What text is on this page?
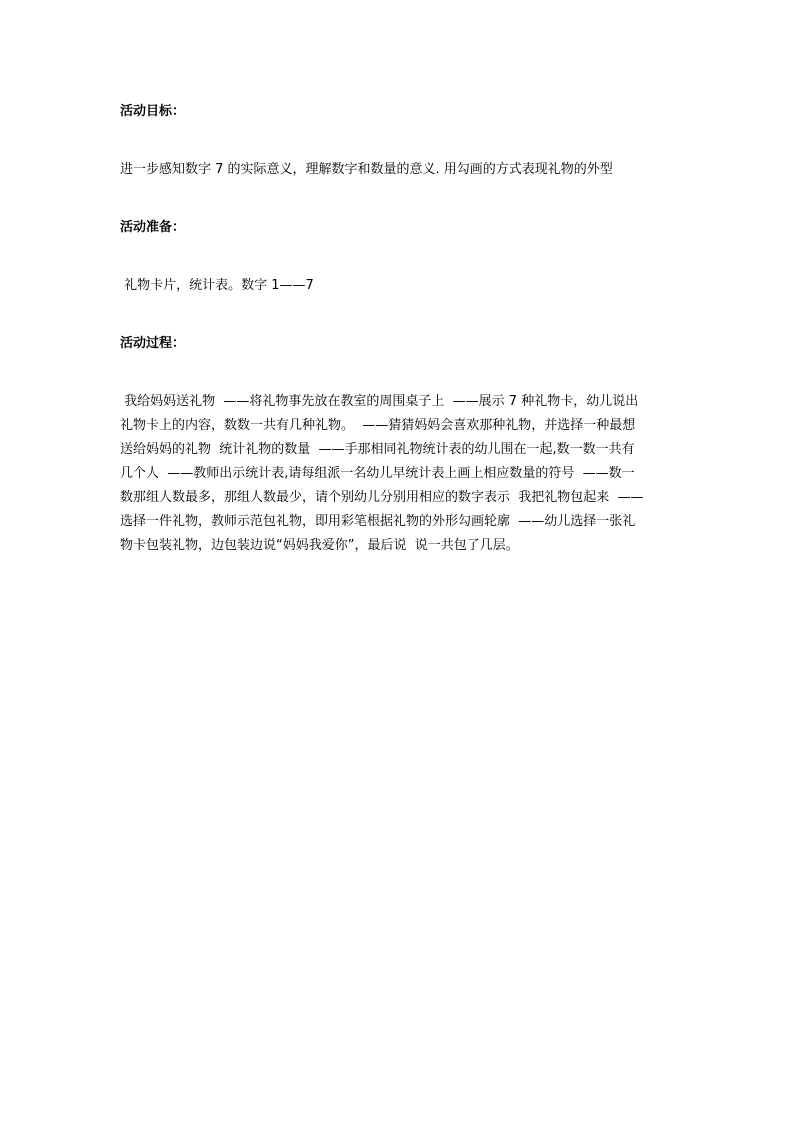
活动目标：
进一步感知数字 7 的实际意义，理解数字和数量的意义. 用勾画的方式表现礼物的外型
活动准备：
礼物卡片，统计表。数字 1——7
活动过程：
我给妈妈送礼物  ——将礼物事先放在教室的周围桌子上  ——展示 7 种礼物卡，幼儿说出
礼物卡上的内容，数数一共有几种礼物。  ——猜猜妈妈会喜欢那种礼物，并选择一种最想
送给妈妈的礼物  统计礼物的数量  ——手那相同礼物统计表的幼儿围在一起,数一数一共有
几个人  ——教师出示统计表,请每组派一名幼儿早统计表上画上相应数量的符号  ——数一
数那组人数最多，那组人数最少，请个别幼儿分别用相应的数字表示  我把礼物包起来  ——
选择一件礼物，教师示范包礼物，即用彩笔根据礼物的外形勾画轮廓  ——幼儿选择一张礼
物卡包装礼物，边包装边说“妈妈我爱你”，最后说  说一共包了几层。
